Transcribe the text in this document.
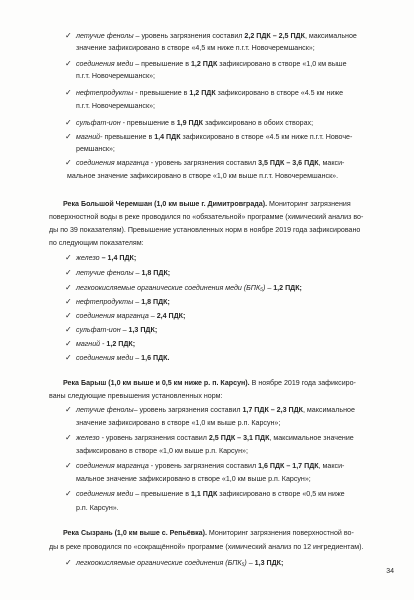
✓ летучие фенолы – уровень загрязнения составил 2,2 ПДК – 2,5 ПДК, максимальное
значение зафиксировано в створе «4,5 км ниже п.г.т. Новочеремшанск»;
✓ соединения меди – превышение в 1,2 ПДК зафиксировано в створе «1,0 км выше
п.г.т. Новочеремшанск»;
✓ нефтепродукты - превышение в 1,2 ПДК зафиксировано в створе «4.5 км ниже
п.г.т. Новочеремшанск»;
✓ сульфат-ион - превышение в 1,9 ПДК зафиксировано в обоих створах;
✓ магний- превышение в 1,4 ПДК зафиксировано в створе «4.5 км ниже п.г.т. Новоче-
ремшанск»;
✓ соединения марганца - уровень загрязнения составил 3,5 ПДК – 3,6 ПДК, макси-
мальное значение зафиксировано в створе «1,0 км выше п.г.т. Новочеремшанск».
Река Большой Черемшан (1,0 км выше г. Димитровграда). Мониторинг загрязнения
поверхностной воды в реке проводился по «обязательной» программе (химический анализ во-
ды по 39 показателям). Превышение установленных норм в ноябре 2019 года зафиксировано
по следующим показателям:
✓ железо – 1,4 ПДК;
✓ летучие фенолы – 1,8 ПДК;
✓ легкоокисляемые органические соединения меди (БПК₅) – 1,2 ПДК;
✓ нефтепродукты – 1,8 ПДК;
✓ соединения марганца – 2,4 ПДК;
✓ сульфат-ион – 1,3 ПДК;
✓ магний - 1,2 ПДК;
✓ соединения меди – 1,6 ПДК.
Река Барыш (1,0 км выше и 0,5 км ниже р. п. Карсун). В ноябре 2019 года зафиксиро-
ваны следующие превышения установленных норм:
✓ летучие фенолы– уровень загрязнения составил 1,7 ПДК – 2,3 ПДК, максимальное
значение зафиксировано в створе «1,0 км выше р.п. Карсун»;
✓ железо - уровень загрязнения составил 2,5 ПДК – 3,1 ПДК, максимальное значение
зафиксировано в створе «1,0 км выше р.п. Карсун»;
✓ соединения марганца - уровень загрязнения составил 1,6 ПДК – 1,7 ПДК, макси-
мальное значение зафиксировано в створе «1,0 км выше р.п. Карсун»;
✓ соединения меди – превышение в 1,1 ПДК зафиксировано в створе «0,5 км ниже
р.п. Карсун».
Река Сызрань (1,0 км выше с. Репьёвка). Мониторинг загрязнения поверхностной во-
ды в реке проводился по «сокращённой» программе (химический анализ по 12 ингредиентам).
✓ легкоокисляемые органические соединения (БПК₅) – 1,3 ПДК;
34
